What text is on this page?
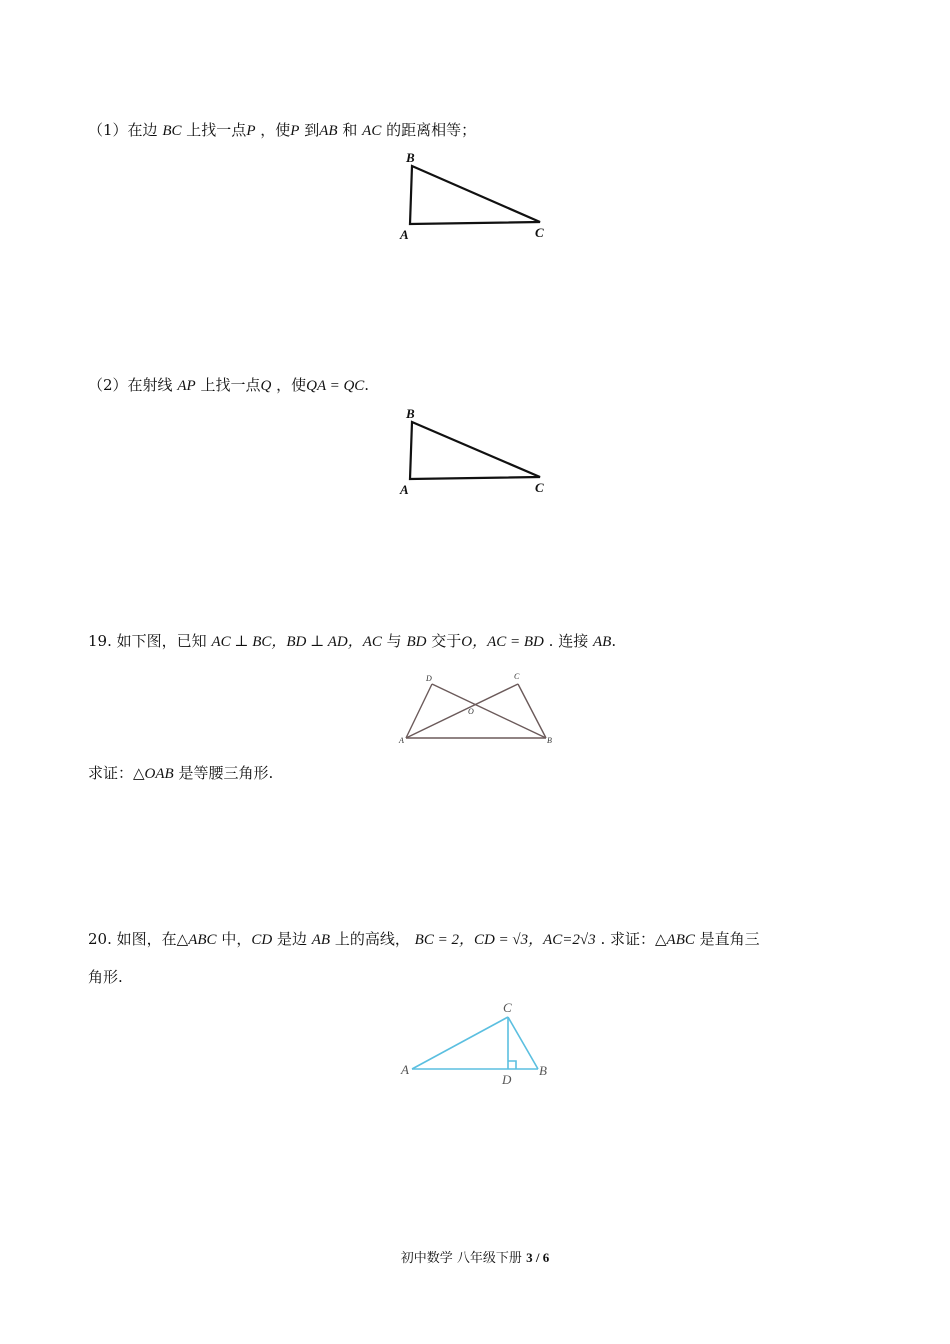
（1）在边 BC 上找一点P ，使P 到AB 和 AC 的距离相等；
B
A	C
（2）在射线 AP 上找一点Q ，使QA = QC.
B
A	C
19. 如下图，已知 AC ⊥ BC，BD ⊥ AD，AC 与 BD 交于O，AC = BD . 连接 AB.
D	C
O
A	B
求证：△OAB 是等腰三角形.
20. 如图，在△ABC 中，CD 是边 AB 上的高线， BC = 2，CD = √3，AC=2√3 . 求证：△ABC 是直角三
角形.
C
A
D
B
初中数学 八年级下册 3 / 6
